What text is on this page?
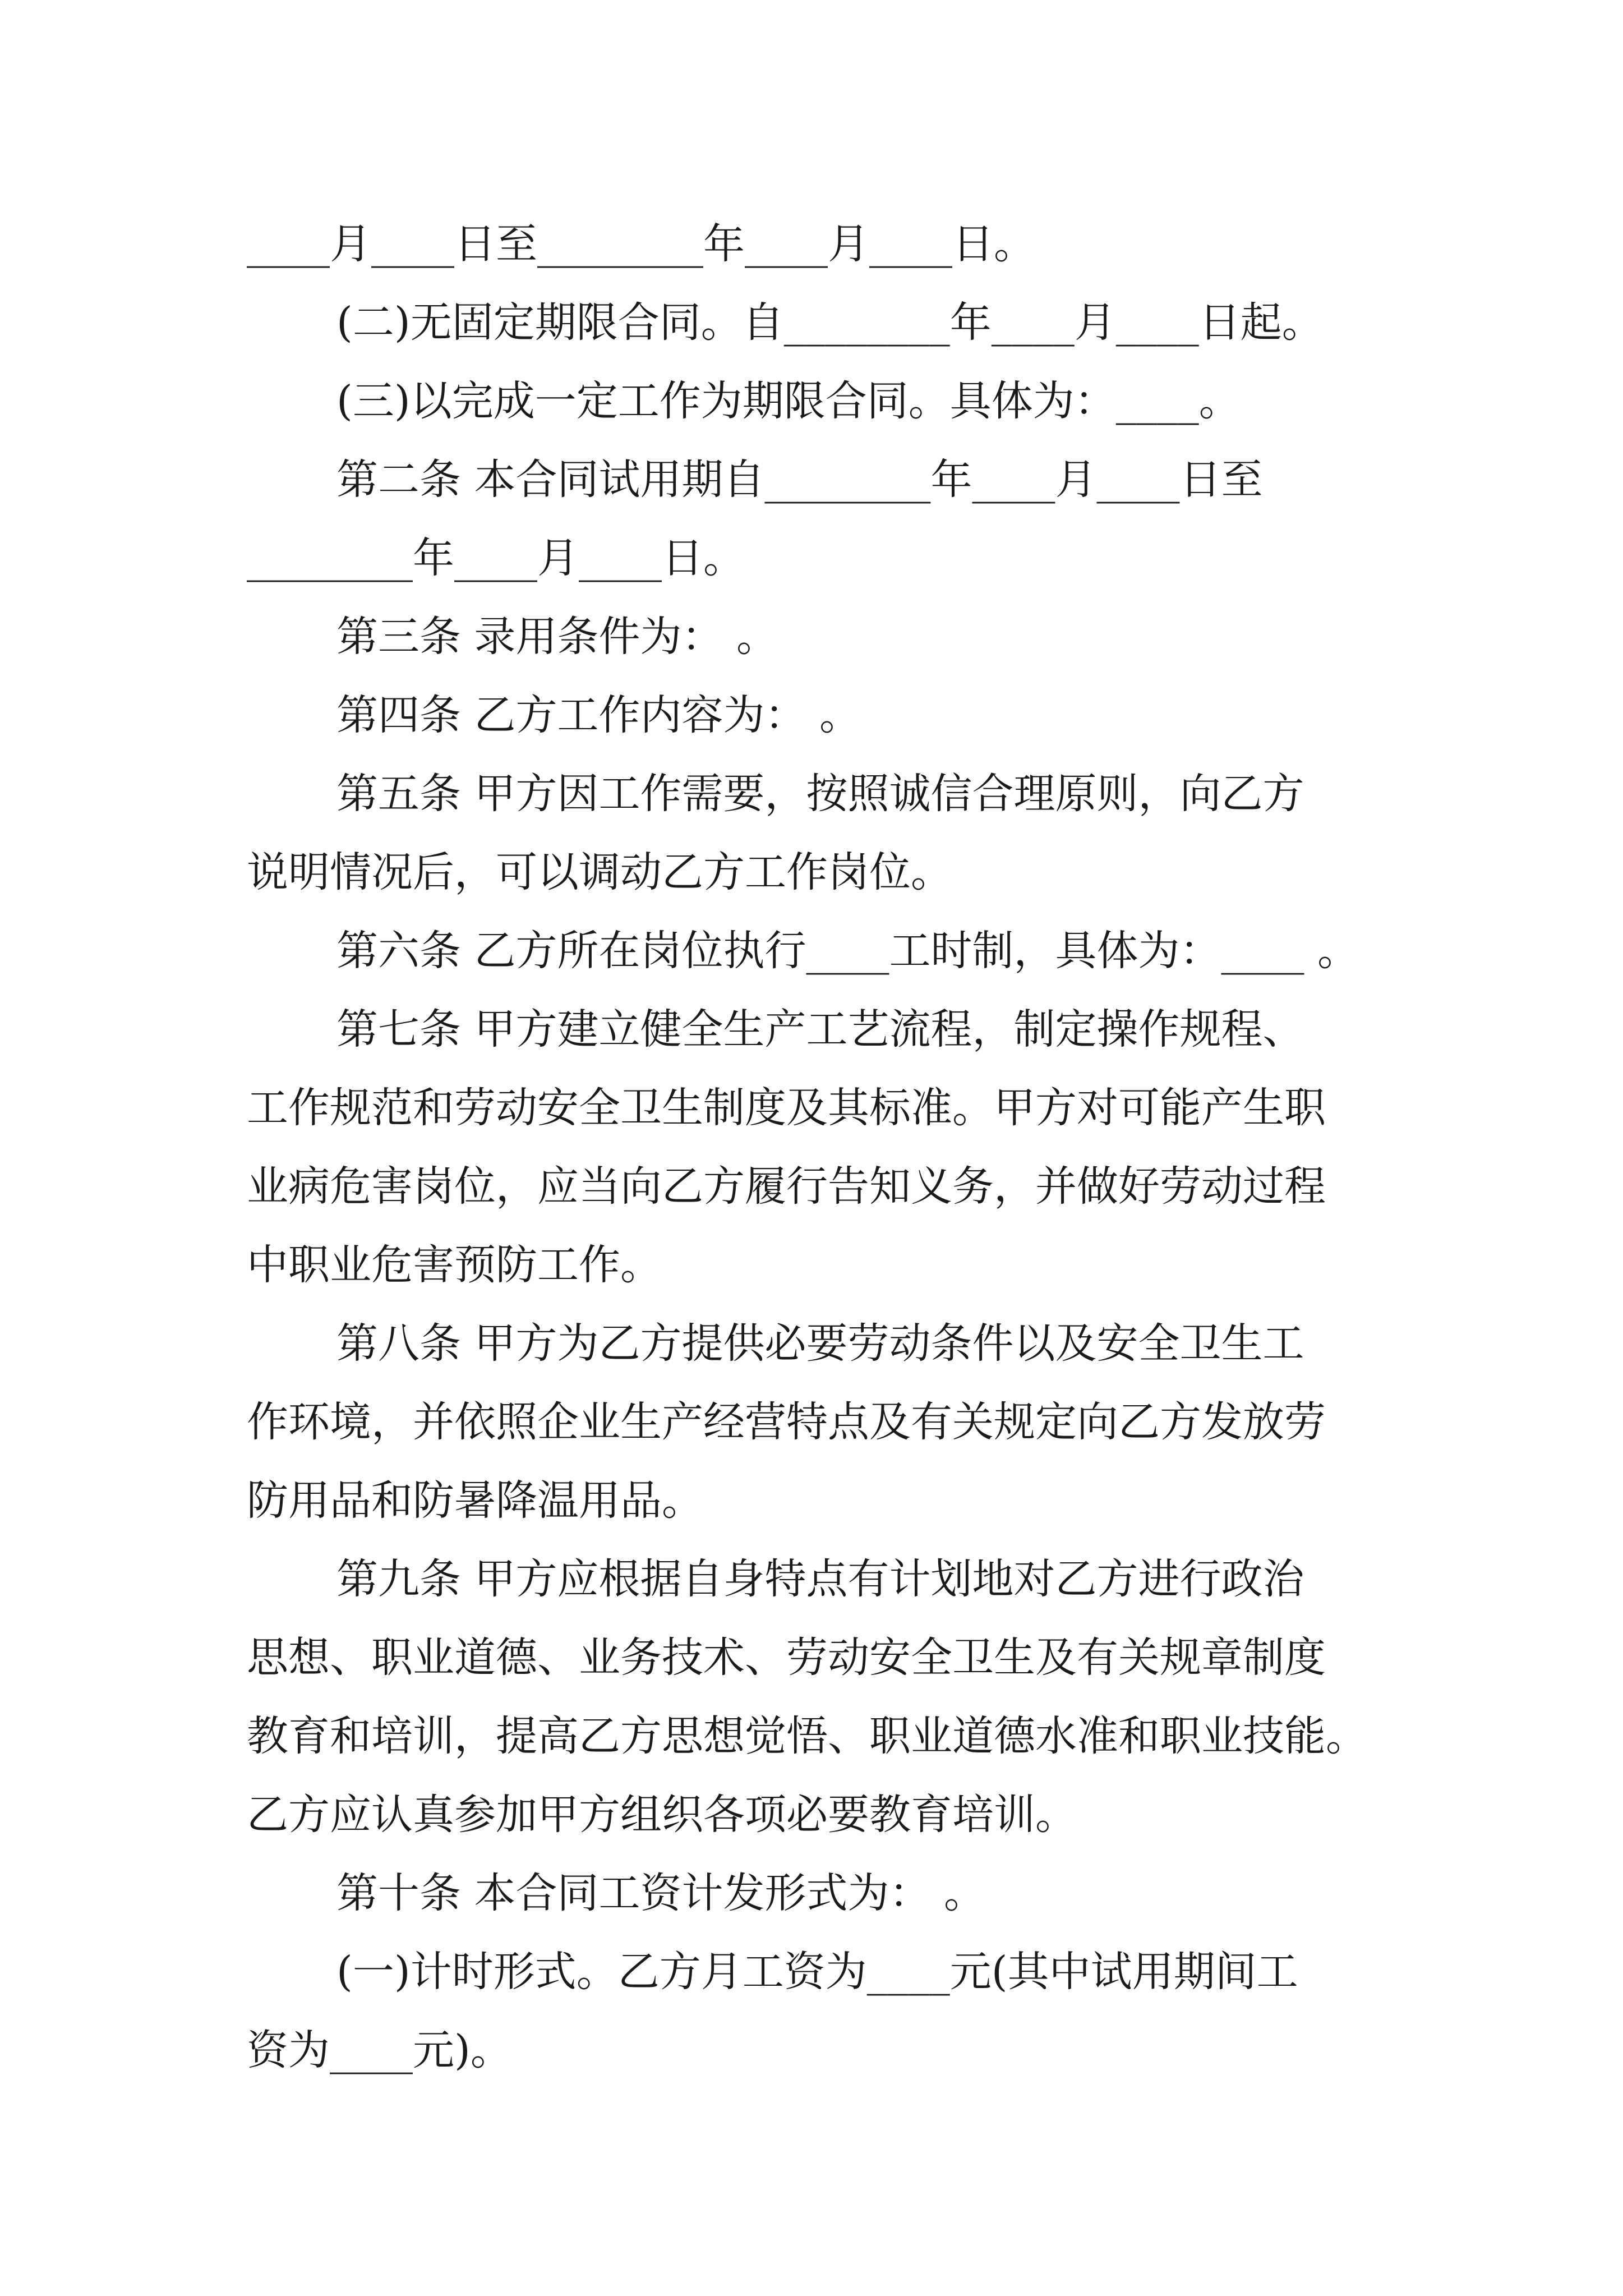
____月____日至________年____月____日。
(二)无固定期限合同。自________年____月____日起。
(三)以完成一定工作为期限合同。具体为：____。
第二条 本合同试用期自________年____月____日至
________年____月____日。
第三条 录用条件为： 。
第四条 乙方工作内容为： 。
第五条 甲方因工作需要，按照诚信合理原则，向乙方
说明情况后，可以调动乙方工作岗位。
第六条 乙方所在岗位执行____工时制，具体为：____ 。
第七条 甲方建立健全生产工艺流程，制定操作规程、
工作规范和劳动安全卫生制度及其标准。甲方对可能产生职
业病危害岗位，应当向乙方履行告知义务，并做好劳动过程
中职业危害预防工作。
第八条 甲方为乙方提供必要劳动条件以及安全卫生工
作环境，并依照企业生产经营特点及有关规定向乙方发放劳
防用品和防暑降温用品。
第九条 甲方应根据自身特点有计划地对乙方进行政治
思想、职业道德、业务技术、劳动安全卫生及有关规章制度
教育和培训，提高乙方思想觉悟、职业道德水准和职业技能。
乙方应认真参加甲方组织各项必要教育培训。
第十条 本合同工资计发形式为： 。
(一)计时形式。乙方月工资为____元(其中试用期间工
资为____元)。
